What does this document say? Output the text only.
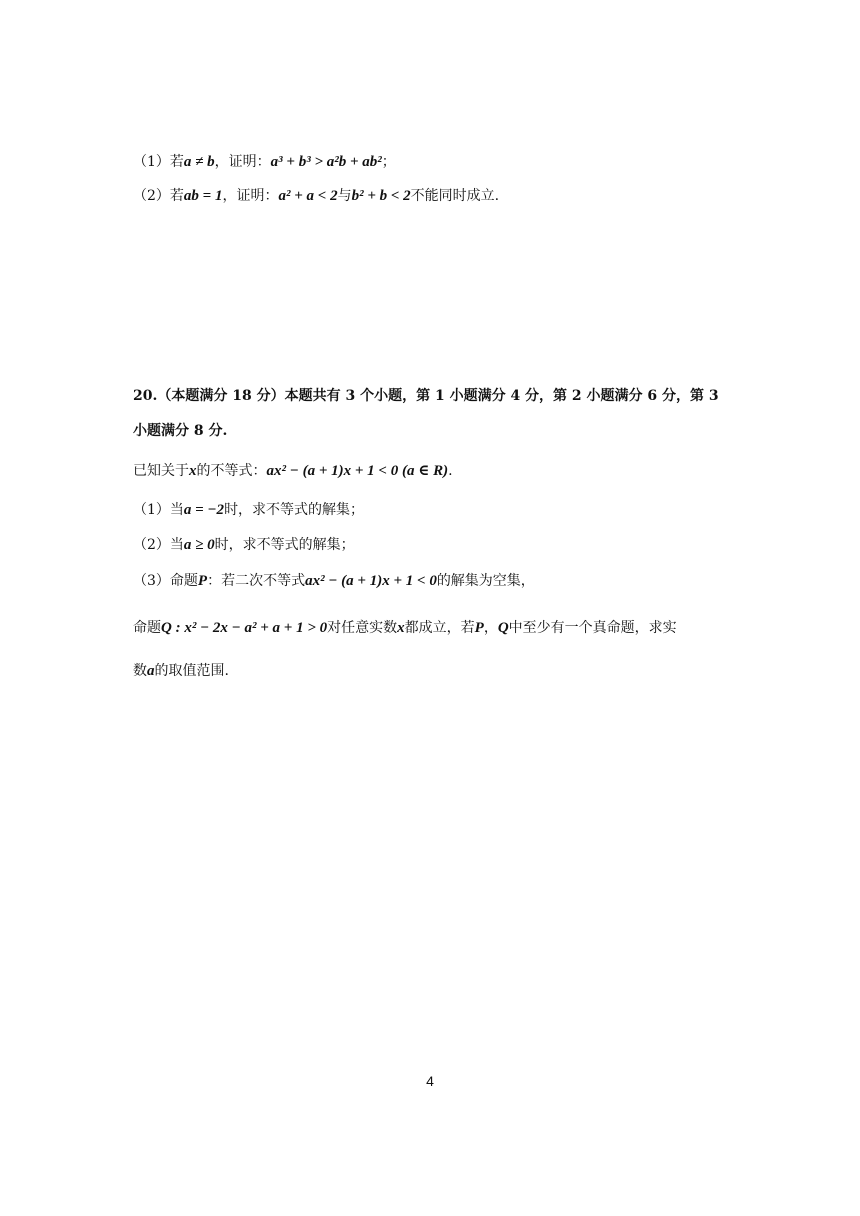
（1）若a ≠ b，证明：a³ + b³ > a²b + ab²；
（2）若ab = 1，证明：a² + a < 2与b² + b < 2不能同时成立.
20.（本题满分 18 分）本题共有 3 个小题，第 1 小题满分 4 分，第 2 小题满分 6 分，第 3
小题满分 8 分.
已知关于x的不等式：ax² − (a + 1)x + 1 < 0 (a ∈ R).
（1）当a = −2时，求不等式的解集；
（2）当a ≥ 0时，求不等式的解集；
（3）命题P：若二次不等式ax² − (a + 1)x + 1 < 0的解集为空集，
命题Q : x² − 2x − a² + a + 1 > 0对任意实数x都成立，若P，Q中至少有一个真命题，求实
数a的取值范围.
4
